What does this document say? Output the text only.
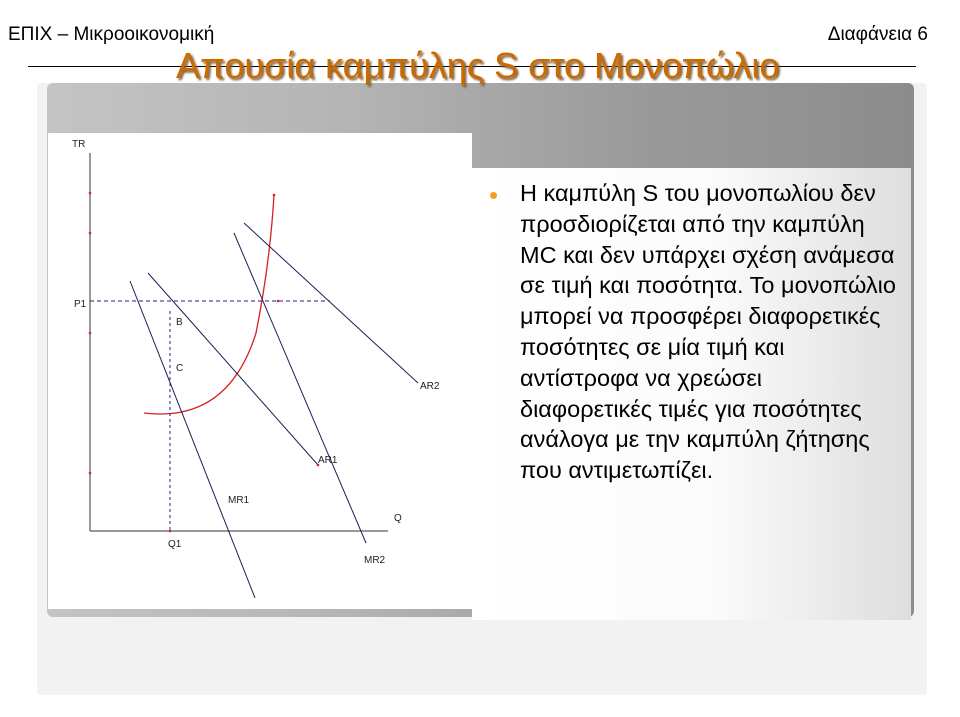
ΕΠΙΧ – Μικροοικονομική	Διαφάνεια 6
TR
P1
B
C
AR2
AR1
MR1
Q
Q1
MR2
Απουσία καμπύλης S στο Μονοπώλιο
Η καμπύλη S του μονοπωλίου δεν προσδιορίζεται από την καμπύλη MC και δεν υπάρχει σχέση ανάμεσα σε τιμή και ποσότητα. Το μονοπώλιο μπορεί να προσφέρει διαφορετικές ποσότητες σε μία τιμή και αντίστροφα να χρεώσει διαφορετικές τιμές για ποσότητες ανάλογα με την καμπύλη ζήτησης που αντιμετωπίζει.
